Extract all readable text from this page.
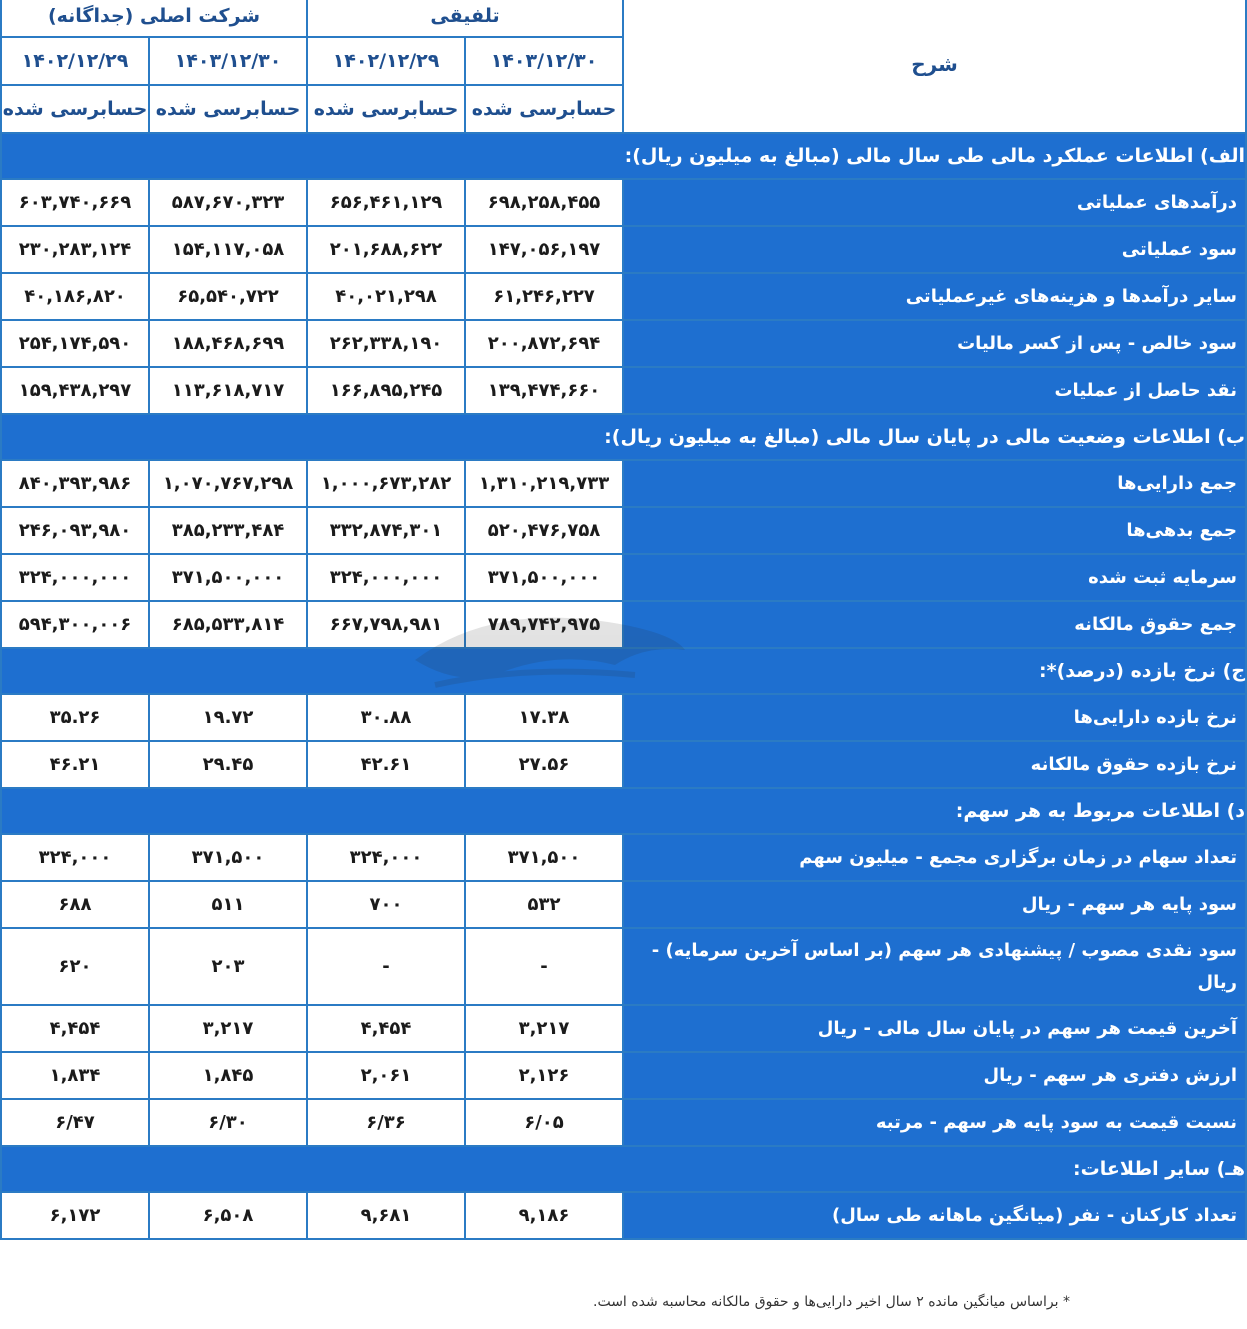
شرح	تلفیقی		شرکت اصلی (جداگانه)	
	۱۴۰۳/۱۲/۳۰	۱۴۰۲/۱۲/۲۹	۱۴۰۳/۱۲/۳۰	۱۴۰۲/۱۲/۲۹
	حسابرسی شده	حسابرسی شده	حسابرسی شده	حسابرسی شده
الف) اطلاعات عملکرد مالی طی سال مالی (مبالغ به میلیون ریال):				
درآمدهای عملیاتی	۶۹۸,۲۵۸,۴۵۵	۶۵۶,۴۶۱,۱۲۹	۵۸۷,۶۷۰,۳۲۳	۶۰۳,۷۴۰,۶۶۹
سود عملیاتی	۱۴۷,۰۵۶,۱۹۷	۲۰۱,۶۸۸,۶۲۲	۱۵۴,۱۱۷,۰۵۸	۲۳۰,۲۸۳,۱۲۴
سایر درآمدها و هزینه‌های غیرعملیاتی	۶۱,۲۴۶,۲۲۷	۴۰,۰۲۱,۲۹۸	۶۵,۵۴۰,۷۲۲	۴۰,۱۸۶,۸۲۰
سود خالص - پس از کسر مالیات	۲۰۰,۸۷۲,۶۹۴	۲۶۲,۳۳۸,۱۹۰	۱۸۸,۴۶۸,۶۹۹	۲۵۴,۱۷۴,۵۹۰
نقد حاصل از عملیات	۱۳۹,۴۷۴,۶۶۰	۱۶۶,۸۹۵,۲۴۵	۱۱۳,۶۱۸,۷۱۷	۱۵۹,۴۳۸,۲۹۷
ب) اطلاعات وضعیت مالی در پایان سال مالی (مبالغ به میلیون ریال):				
جمع دارایی‌ها	۱,۳۱۰,۲۱۹,۷۳۳	۱,۰۰۰,۶۷۳,۲۸۲	۱,۰۷۰,۷۶۷,۲۹۸	۸۴۰,۳۹۳,۹۸۶
جمع بدهی‌ها	۵۲۰,۴۷۶,۷۵۸	۳۳۲,۸۷۴,۳۰۱	۳۸۵,۲۳۳,۴۸۴	۲۴۶,۰۹۳,۹۸۰
سرمایه ثبت شده	۳۷۱,۵۰۰,۰۰۰	۳۲۴,۰۰۰,۰۰۰	۳۷۱,۵۰۰,۰۰۰	۳۲۴,۰۰۰,۰۰۰
جمع حقوق مالکانه	۷۸۹,۷۴۲,۹۷۵	۶۶۷,۷۹۸,۹۸۱	۶۸۵,۵۳۳,۸۱۴	۵۹۴,۳۰۰,۰۰۶
ج) نرخ بازده (درصد)*:				
نرخ بازده دارایی‌ها	۱۷.۳۸	۳۰.۸۸	۱۹.۷۲	۳۵.۲۶
نرخ بازده حقوق مالکانه	۲۷.۵۶	۴۲.۶۱	۲۹.۴۵	۴۶.۲۱
د) اطلاعات مربوط به هر سهم:				
تعداد سهام در زمان برگزاری مجمع - میلیون سهم	۳۷۱,۵۰۰	۳۲۴,۰۰۰	۳۷۱,۵۰۰	۳۲۴,۰۰۰
سود پایه هر سهم - ریال	۵۳۲	۷۰۰	۵۱۱	۶۸۸
سود نقدی مصوب / پیشنهادی هر سهم (بر اساس آخرین سرمایه) - ریال	-	-	۲۰۳	۶۲۰
آخرین قیمت هر سهم در پایان سال مالی - ریال	۳,۲۱۷	۴,۴۵۴	۳,۲۱۷	۴,۴۵۴
ارزش دفتری هر سهم - ریال	۲,۱۲۶	۲,۰۶۱	۱,۸۴۵	۱,۸۳۴
نسبت قیمت به سود پایه هر سهم - مرتبه	۶/۰۵	۶/۳۶	۶/۳۰	۶/۴۷
هـ) سایر اطلاعات:				
تعداد کارکنان - نفر (میانگین ماهانه طی سال)	۹,۱۸۶	۹,۶۸۱	۶,۵۰۸	۶,۱۷۲
* براساس میانگین مانده ۲ سال اخیر دارایی‌ها و حقوق مالکانه محاسبه شده است.
